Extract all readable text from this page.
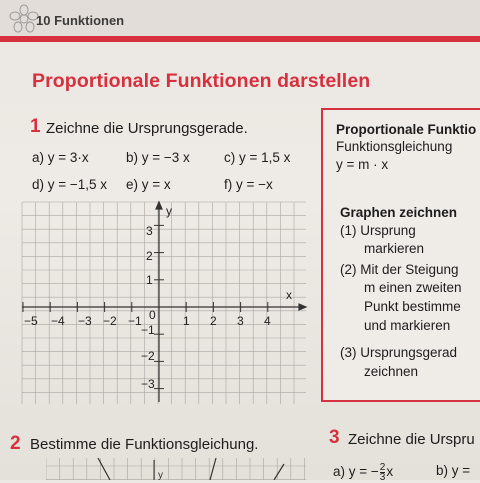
10 Funktionen
Proportionale Funktionen darstellen
1 Zeichne die Ursprungsgerade.
a) y = 3·x	b) y = −3 x	c) y = 1,5 x
d) y = −1,5 x e) y = x	f) y = −x
x
y
0
−5 −4 −3 −2 −1	1 2 3 4
3
2
1
−1
−2
−3
Proportionale Funktio
Funktionsgleichung
y = m · x
Graphen zeichnen
(1) Ursprung
markieren
(2) Mit der Steigung
m einen zweiten
Punkt bestimme
und markieren
(3) Ursprungsgerad
zeichnen
2 Bestimme die Funktionsgleichung.	3 Zeichne die Urspru
a) y = − $\frac{2}{3}$ x	b) y =
y
